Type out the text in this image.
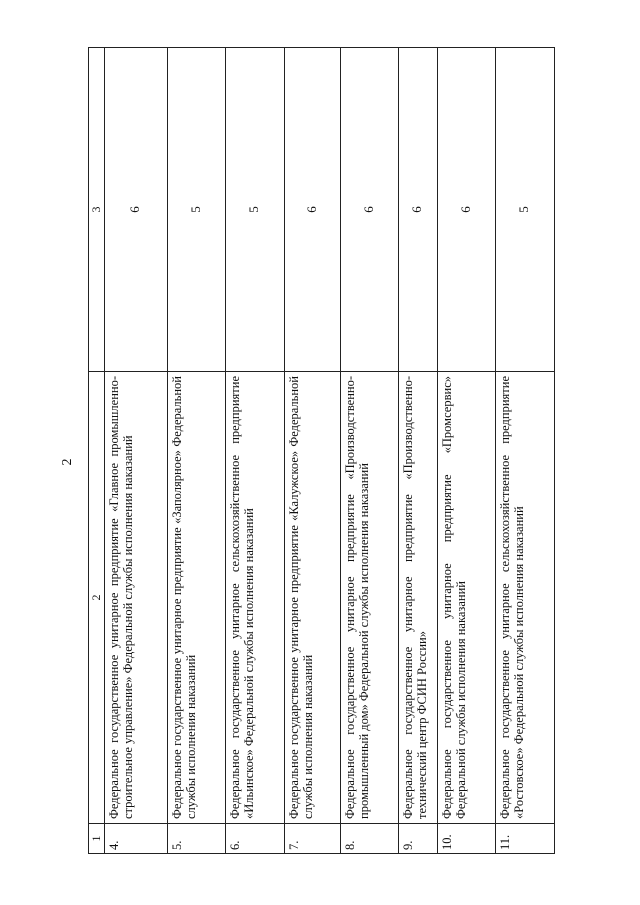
2
1	2	3
4.	Федеральное государственное унитарное предприятие «Главное промышленно-строительное управление» Федеральной службы исполнения наказаний	6
5.	Федеральное государственное унитарное предприятие «Заполярное» Федеральной службы исполнения наказаний	5
6.	Федеральное государственное унитарное сельскохозяйственное предприятие «Ильинское» Федеральной службы исполнения наказаний	5
7.	Федеральное государственное унитарное предприятие «Калужское» Федеральной службы исполнения наказаний	6
8.	Федеральное государственное унитарное предприятие «Производственно-промышленный дом» Федеральной службы исполнения наказаний	6
9.	Федеральное государственное унитарное предприятие «Производственно-технический центр ФСИН России»	6
10.	Федеральное государственное унитарное предприятие «Промсервис» Федеральной службы исполнения наказаний	6
11.	Федеральное государственное унитарное сельскохозяйственное предприятие «Ростовское» Федеральной службы исполнения наказаний	5
